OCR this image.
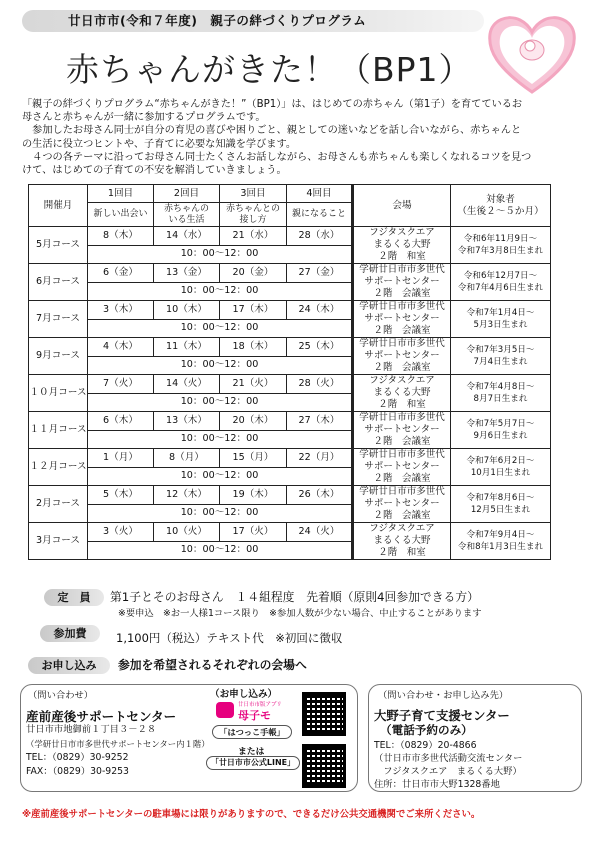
廿日市市(令和７年度)　親子の絆づくりプログラム
赤ちゃんがきた！（BP1）

「親子の絆づくりプログラム“赤ちゃんがきた！”（BP1）」は、はじめての赤ちゃん（第1子）を育てているお

母さんと赤ちゃんが一緒に参加するプログラムです。

　参加したお母さん同士が自分の育児の喜びや困りごと、親としての迷いなどを話し合いながら、赤ちゃんと

の生活に役立つヒントや、子育てに必要な知識を学びます。

　４つの各テーマに沿ってお母さん同士たくさんお話しながら、お母さんも赤ちゃんも楽しくなれるコツを見つ

けて、はじめての子育ての不安を解消していきましょう。

開催月	1回目	2回目	3回目	4回目	会場	対象者
（生後２～５か月）
	新しい出会い	赤ちゃんの
いる生活	赤ちゃんとの
接し方	親になること		
5月コース	8（木）	14（水）	21（水）	28（水）	フジタスクエア
まるくる大野
２階　和室	令和6年11月9日～
令和7年3月8日生まれ
	10：00～12：00					
6月コース	6（金）	13（金）	20（金）	27（金）	学研廿日市市多世代
サポートセンター
２階　会議室	令和6年12月7日～
令和7年4月6日生まれ
	10：00～12：00					
7月コース	3（木）	10（木）	17（木）	24（木）	学研廿日市市多世代
サポートセンター
２階　会議室	令和7年1月4日～
5月3日生まれ
	10：00～12：00					
9月コース	4（木）	11（木）	18（木）	25（木）	学研廿日市市多世代
サポートセンター
２階　会議室	令和7年3月5日～
7月4日生まれ
	10：00～12：00					
１０月コース	7（火）	14（火）	21（火）	28（火）	フジタスクエア
まるくる大野
２階　和室	令和7年4月8日～
8月7日生まれ
	10：00～12：00					
１１月コース	6（木）	13（木）	20（木）	27（木）	学研廿日市市多世代
サポートセンター
２階　会議室	令和7年5月7日～
9月6日生まれ
	10：00～12：00					
１２月コース	1（月）	8（月）	15（月）	22（月）	学研廿日市市多世代
サポートセンター
２階　会議室	令和7年6月2日～
10月1日生まれ
	10：00～12：00					
2月コース	5（木）	12（木）	19（木）	26（木）	学研廿日市市多世代
サポートセンター
２階　会議室	令和7年8月6日～
12月5日生まれ
	10：00～12：00					
3月コース	3（火）	10（火）	17（火）	24（火）	フジタスクエア
まるくる大野
２階　和室	令和7年9月4日～
令和8年1月3日生まれ
	10：00～12：00					
定　員	第1子とそのお母さん　１４組程度　先着順（原則4回参加できる方）
※要申込　※お一人様1コース限り　※参加人数が少ない場合、中止することがあります
参加費	1,100円（税込）テキスト代　※初回に徴収
お申し込み	参加を希望されるそれぞれの会場へ
（問い合わせ）
産前産後サポートセンター
廿日市市地御前１丁目３－２８
（学研廿日市市多世代サポートセンター内１階）
TEL：（0829）30-9252
FAX：（0829）30-9253
（お申し込み）
廿日市市版アプリ
母子モ
「はつっこ手帳」
または
「廿日市市公式LINE」
（問い合わせ・お申し込み先）
大野子育て支援センター
（電話予約のみ）
TEL：（0829）20-4866
（廿日市市多世代活動交流センター
　フジタスクエア　まるくる大野）
住所：廿日市市大野1328番地
※産前産後サポートセンターの駐車場には限りがありますので、できるだけ公共交通機関でご来所ください。
